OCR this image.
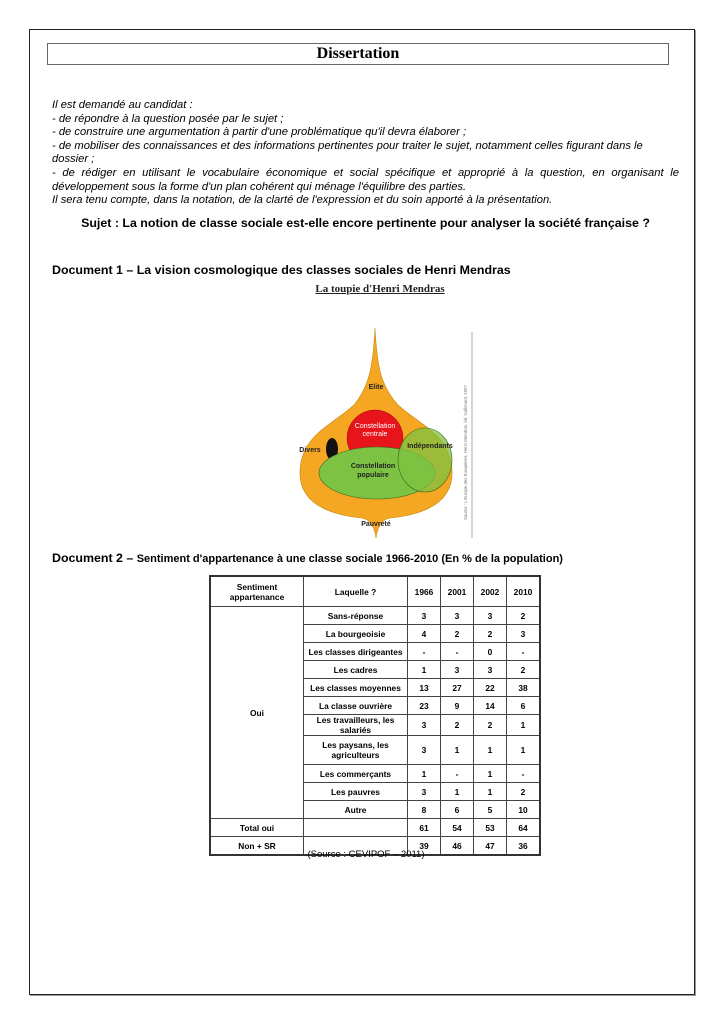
Dissertation
Il est demandé au candidat :
- de répondre à la question posée par le sujet ;
- de construire une argumentation à partir d'une problématique qu'il devra élaborer ;
- de mobiliser des connaissances et des informations pertinentes pour traiter le sujet, notamment celles figurant dans le dossier ;
- de rédiger en utilisant le vocabulaire économique et social spécifique et approprié à la question, en organisant le
développement sous la forme d'un plan cohérent qui ménage l'équilibre des parties.
Il sera tenu compte, dans la notation, de la clarté de l'expression et du soin apporté à la présentation.
Sujet : La notion de classe sociale est-elle encore pertinente pour analyser la société française ?
Document 1 – La vision cosmologique des classes sociales de Henri Mendras
La toupie d'Henri Mendras
Elite
Constellation
centrale
Divers
Indépendants
Constellation
populaire
Pauvreté
Source : L'Europe des Européens, Henri Mendras, éd. Gallimard, 1997
Document 2 – Sentiment d'appartenance à une classe sociale 1966-2010 (En % de la population)
Sentiment
appartenance	Laquelle ?	1966	2001	2002	2010
Oui	Sans-réponse	3	3	3	2
	La bourgeoisie	4	2	2	3
	Les classes dirigeantes	-	-	0	-
	Les cadres	1	3	3	2
	Les classes moyennes	13	27	22	38
	La classe ouvrière	23	9	14	6
	Les travailleurs, les salariés	3	2	2	1
	Les paysans, les
agriculteurs	3	1	1	1
	Les commerçants	1	-	1	-
	Les pauvres	3	1	1	2
	Autre	8	6	5	10
Total oui		61	54	53	64
Non + SR		39	46	47	36
(Source : CEVIPOF – 2011)
